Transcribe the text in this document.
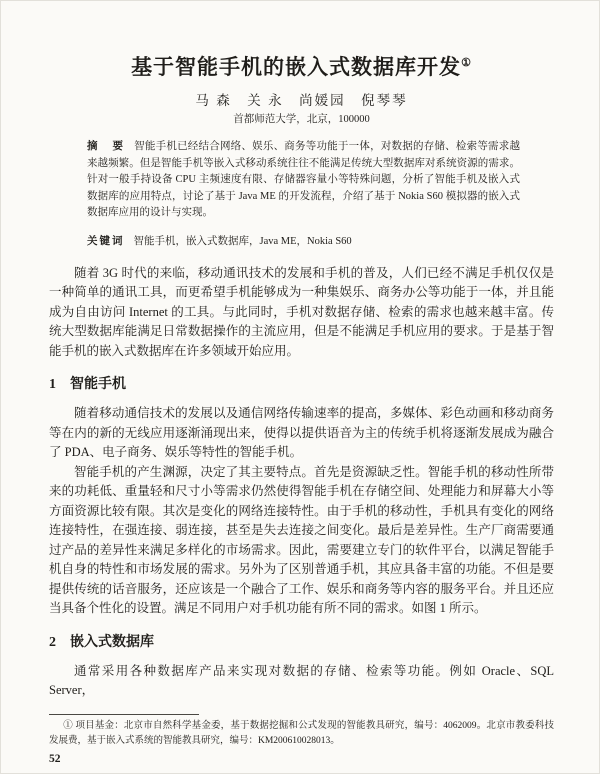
基于智能手机的嵌入式数据库开发①
马 森　关 永　尚媛园　倪琴琴
首都师范大学，北京，100000

摘　要 智能手机已经结合网络、娱乐、商务等功能于一体，对数据的存储、检索等需求越来越频繁。但是智能手机等嵌入式移动系统往往不能满足传统大型数据库对系统资源的需求。针对一般手持设备 CPU 主频速度有限、存储器容量小等特殊问题，分析了智能手机及嵌入式数据库的应用特点，讨论了基于 Java ME 的开发流程，介绍了基于 Nokia S60 模拟器的嵌入式数据库应用的设计与实现。

关键词 智能手机，嵌入式数据库，Java ME，Nokia S60

随着 3G 时代的来临，移动通讯技术的发展和手机的普及，人们已经不满足手机仅仅是一种简单的通讯工具，而更希望手机能够成为一种集娱乐、商务办公等功能于一体，并且能成为自由访问 Internet 的工具。与此同时，手机对数据存储、检索的需求也越来越丰富。传统大型数据库能满足日常数据操作的主流应用，但是不能满足手机应用的要求。于是基于智能手机的嵌入式数据库在许多领域开始应用。

1 智能手机

随着移动通信技术的发展以及通信网络传输速率的提高，多媒体、彩色动画和移动商务等在内的新的无线应用逐渐涌现出来，使得以提供语音为主的传统手机将逐渐发展成为融合了 PDA、电子商务、娱乐等特性的智能手机。

智能手机的产生渊源，决定了其主要特点。首先是资源缺乏性。智能手机的移动性所带来的功耗低、重量轻和尺寸小等需求仍然使得智能手机在存储空间、处理能力和屏幕大小等方面资源比较有限。其次是变化的网络连接特性。由于手机的移动性，手机具有变化的网络连接特性，在强连接、弱连接，甚至是失去连接之间变化。最后是差异性。生产厂商需要通过产品的差异性来满足多样化的市场需求。因此，需要建立专门的软件平台，以满足智能手机自身的特性和市场发展的需求。另外为了区别普通手机，其应具备丰富的功能。不但是要提供传统的话音服务，还应该是一个融合了工作、娱乐和商务等内容的服务平台。并且还应当具备个性化的设置。满足不同用户对手机功能有所不同的需求。如图 1 所示。

2 嵌入式数据库

通常采用各种数据库产品来实现对数据的存储、检索等功能。例如 Oracle、SQL Server，

① 项目基金：北京市自然科学基金委，基于数据挖掘和公式发现的智能教具研究，编号：4062009。北京市教委科技发展费，基于嵌入式系统的智能教具研究，编号：KM200610028013。

52
